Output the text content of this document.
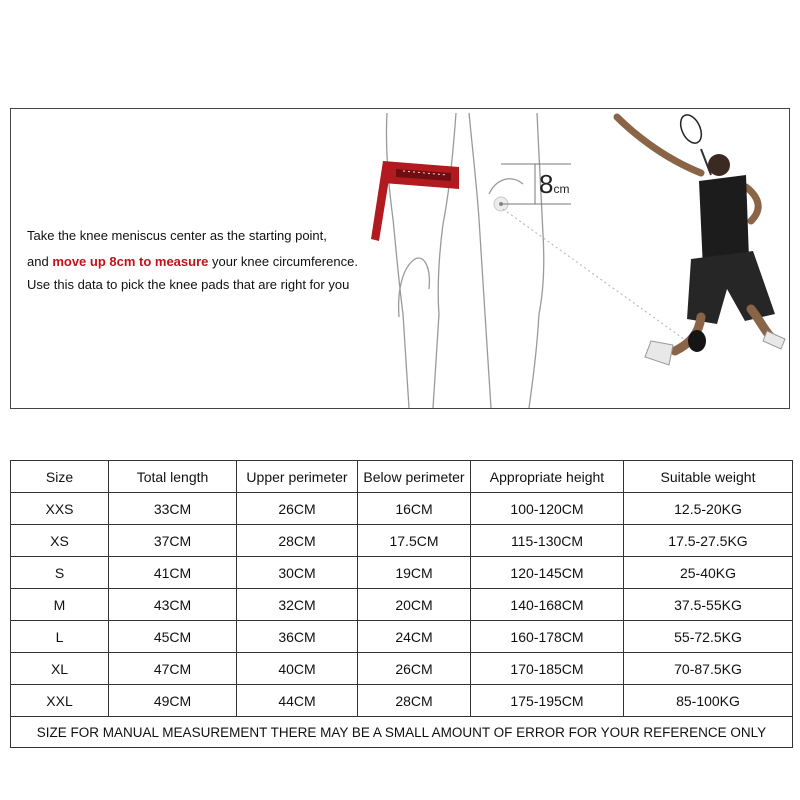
Take the knee meniscus center as the starting point,
and move up 8cm to measure your knee circumference.
Use this data to pick the knee pads that are right for you
8cm
Size	Total length	Upper perimeter	Below perimeter	Appropriate height	Suitable weight
XXS	33CM	26CM	16CM	100-120CM	12.5-20KG
XS	37CM	28CM	17.5CM	115-130CM	17.5-27.5KG
S	41CM	30CM	19CM	120-145CM	25-40KG
M	43CM	32CM	20CM	140-168CM	37.5-55KG
L	45CM	36CM	24CM	160-178CM	55-72.5KG
XL	47CM	40CM	26CM	170-185CM	70-87.5KG
XXL	49CM	44CM	28CM	175-195CM	85-100KG
SIZE FOR MANUAL MEASUREMENT THERE MAY BE A SMALL AMOUNT OF ERROR FOR YOUR REFERENCE ONLY					
